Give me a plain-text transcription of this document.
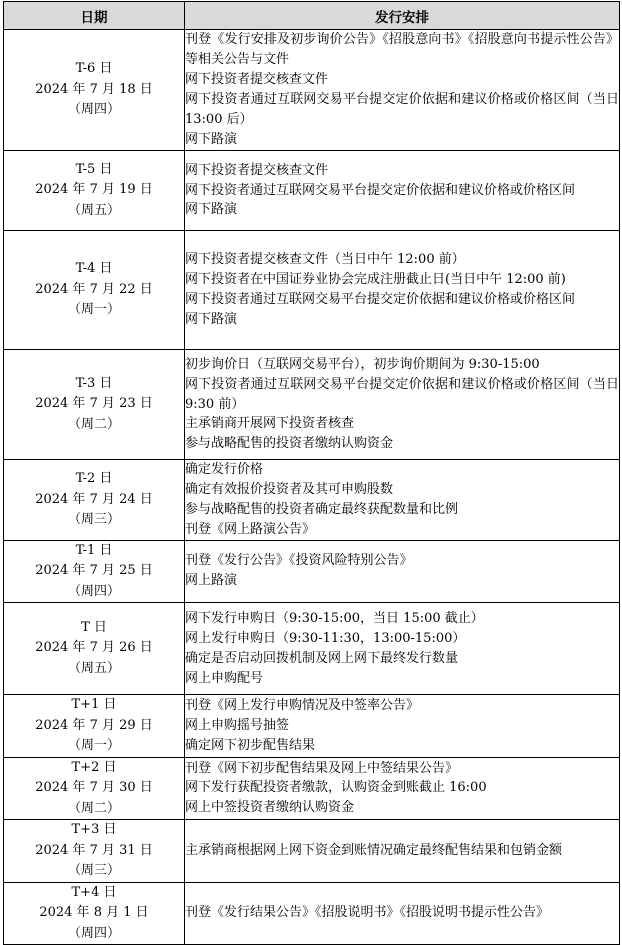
日期	发行安排

T-6 日
2024 年 7 月 18 日
（周四）	刊登《发行安排及初步询价公告》《招股意向书》《招股意向书提示性公告》等相关公告与文件
网下投资者提交核查文件
网下投资者通过互联网交易平台提交定价依据和建议价格或价格区间（当日 13:00 后）
网下路演

T-5 日
2024 年 7 月 19 日
（周五）	网下投资者提交核查文件
网下投资者通过互联网交易平台提交定价依据和建议价格或价格区间
网下路演

T-4 日
2024 年 7 月 22 日
（周一）	网下投资者提交核查文件（当日中午 12:00 前）
网下投资者在中国证券业协会完成注册截止日(当日中午 12:00 前)
网下投资者通过互联网交易平台提交定价依据和建议价格或价格区间
网下路演

T-3 日
2024 年 7 月 23 日
（周二）	初步询价日（互联网交易平台），初步询价期间为 9:30-15:00
网下投资者通过互联网交易平台提交定价依据和建议价格或价格区间（当日 9:30 前）
主承销商开展网下投资者核查
参与战略配售的投资者缴纳认购资金

T-2 日
2024 年 7 月 24 日
（周三）	确定发行价格
确定有效报价投资者及其可申购股数
参与战略配售的投资者确定最终获配数量和比例
刊登《网上路演公告》

T-1 日
2024 年 7 月 25 日
（周四）	刊登《发行公告》《投资风险特别公告》
网上路演

T 日
2024 年 7 月 26 日
（周五）	网下发行申购日（9:30-15:00，当日 15:00 截止）
网上发行申购日（9:30-11:30，13:00-15:00）
确定是否启动回拨机制及网上网下最终发行数量
网上申购配号

T+1 日
2024 年 7 月 29 日
（周一）	刊登《网上发行申购情况及中签率公告》
网上申购摇号抽签
确定网下初步配售结果

T+2 日
2024 年 7 月 30 日
（周二）	刊登《网下初步配售结果及网上中签结果公告》
网下发行获配投资者缴款，认购资金到账截止 16:00
网上中签投资者缴纳认购资金

T+3 日
2024 年 7 月 31 日
（周三）	主承销商根据网上网下资金到账情况确定最终配售结果和包销金额

T+4 日
2024 年 8 月 1 日
（周四）	刊登《发行结果公告》《招股说明书》《招股说明书提示性公告》
